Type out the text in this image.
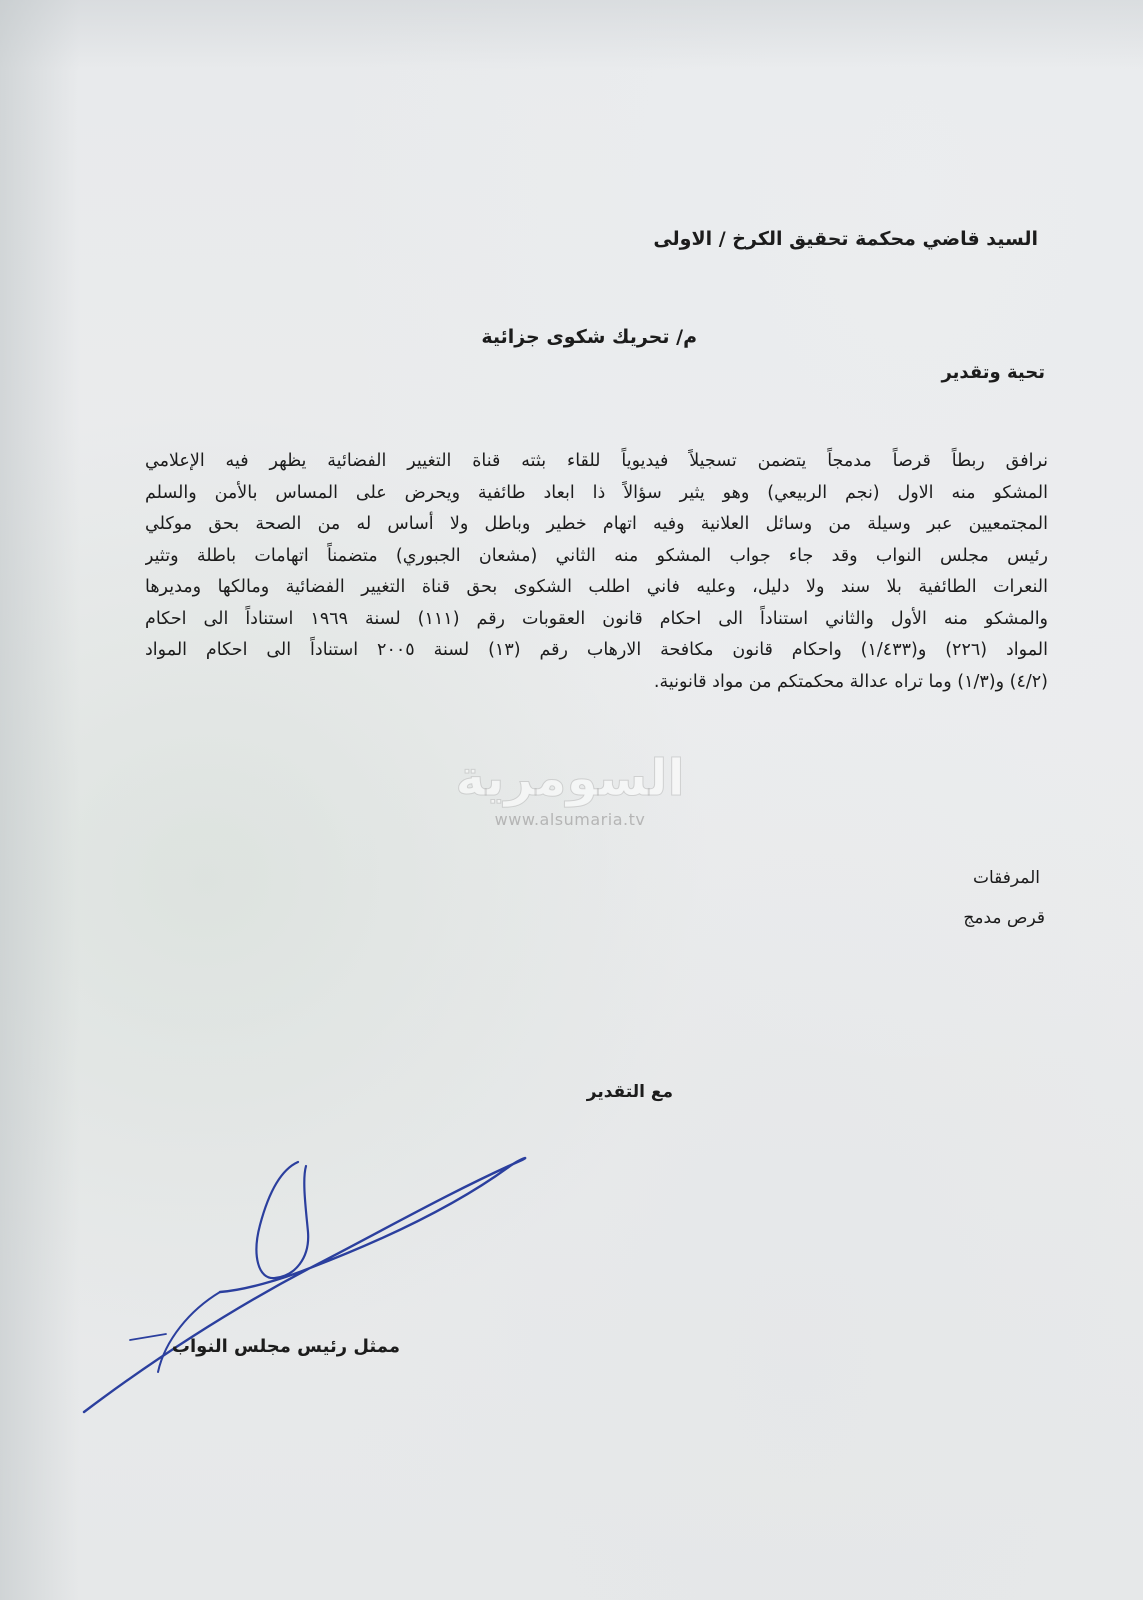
السيد قاضي محكمة تحقيق الكرخ / الاولى
م/ تحريك شكوى جزائية
تحية وتقدير
نرافق ربطاً قرصاً مدمجاً يتضمن تسجيلاً فيديوياً للقاء بثته قناة التغيير الفضائية يظهر فيه الإعلامي
المشكو منه الاول (نجم الربيعي) وهو يثير سؤالاً ذا ابعاد طائفية ويحرض على المساس بالأمن والسلم
المجتمعيين عبر وسيلة من وسائل العلانية وفيه اتهام خطير وباطل ولا أساس له من الصحة بحق موكلي
رئيس مجلس النواب وقد جاء جواب المشكو منه الثاني (مشعان الجبوري) متضمناً اتهامات باطلة وتثير
النعرات الطائفية بلا سند ولا دليل، وعليه فاني اطلب الشكوى بحق قناة التغيير الفضائية ومالكها ومديرها
والمشكو منه الأول والثاني استناداً الى احكام قانون العقوبات رقم (١١١) لسنة ١٩٦٩ استناداً الى احكام
المواد (٢٢٦) و(١/٤٣٣) واحكام قانون مكافحة الارهاب رقم (١٣) لسنة ٢٠٠٥ استناداً الى احكام المواد
(٤/٢) و(١/٣) وما تراه عدالة محكمتكم من مواد قانونية.
السومرية
www.alsumaria.tv
المرفقات
قرص مدمج
مع التقدير
ممثل رئيس مجلس النواب
